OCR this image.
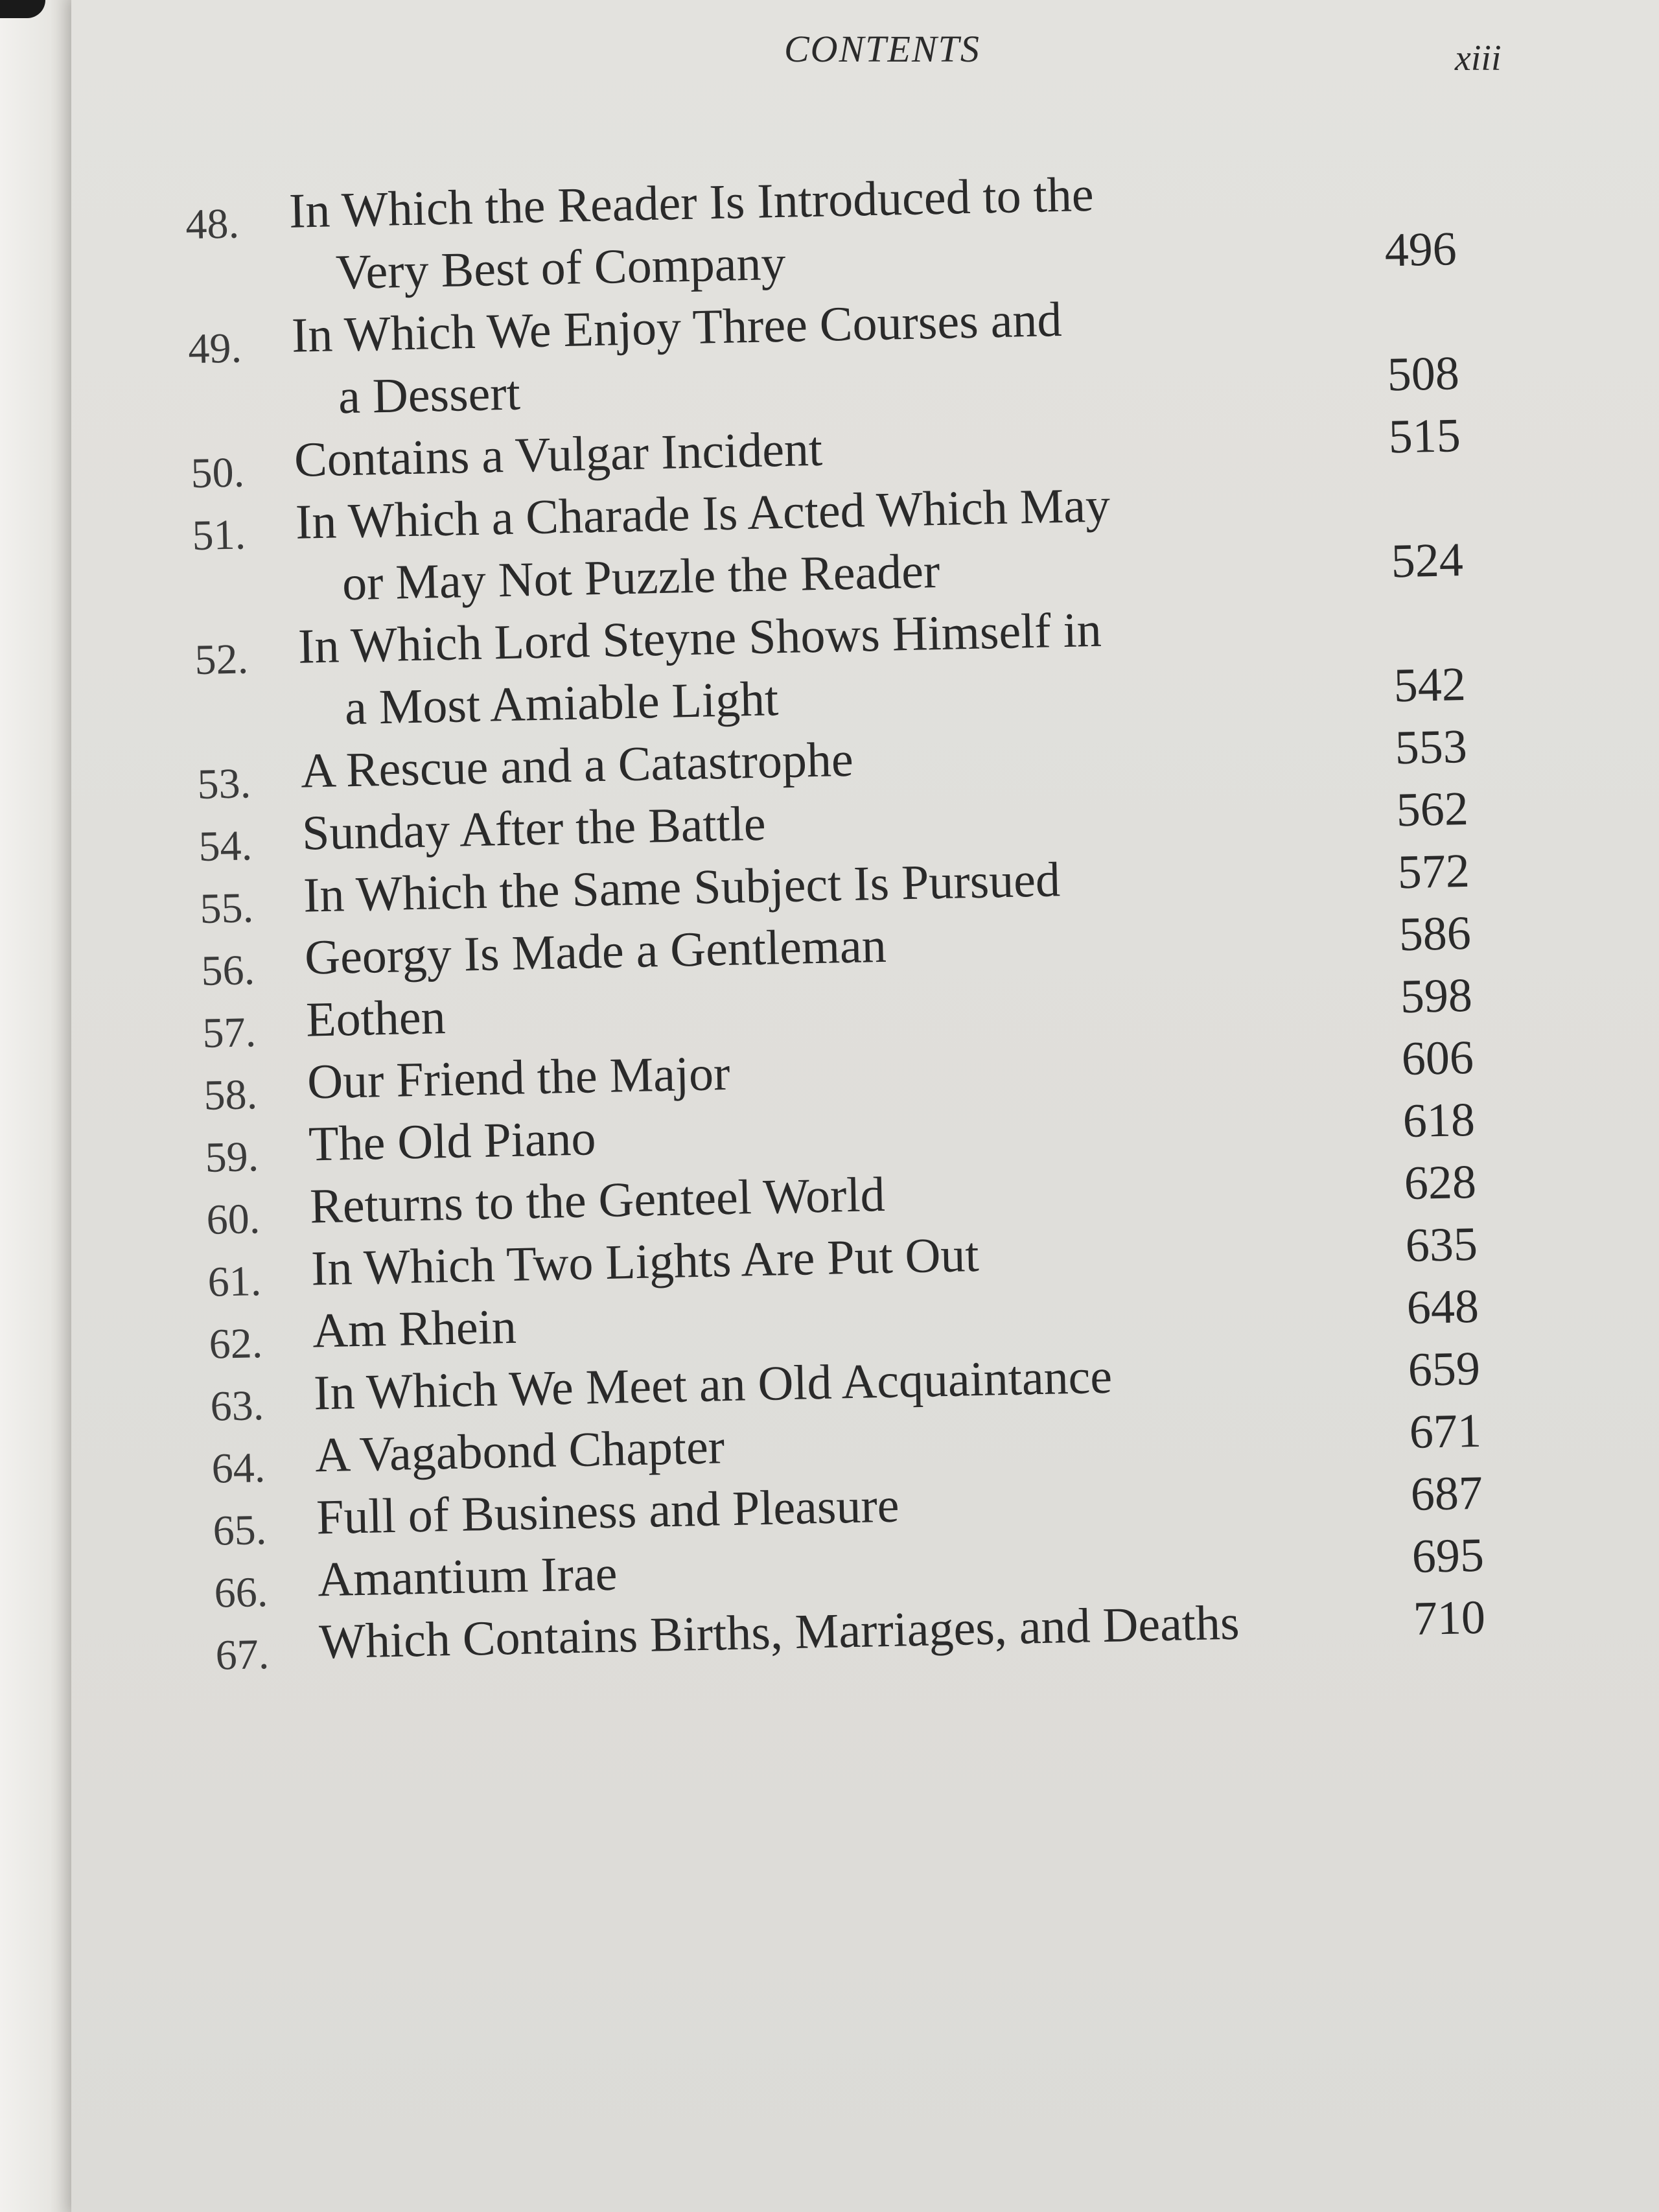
CONTENTS	xiii
48. In Which the Reader Is Introduced to the
Very Best of Company	496
49. In Which We Enjoy Three Courses and
a Dessert	508
50. Contains a Vulgar Incident	515
51. In Which a Charade Is Acted Which May
or May Not Puzzle the Reader	524
52. In Which Lord Steyne Shows Himself in
a Most Amiable Light	542
53. A Rescue and a Catastrophe	553
54. Sunday After the Battle	562
55. In Which the Same Subject Is Pursued	572
56. Georgy Is Made a Gentleman	586
57. Eothen	598
58. Our Friend the Major	606
59. The Old Piano	618
60. Returns to the Genteel World	628
61. In Which Two Lights Are Put Out	635
62. Am Rhein	648
63. In Which We Meet an Old Acquaintance	659
64. A Vagabond Chapter	671
65. Full of Business and Pleasure	687
66. Amantium Irae	695
67. Which Contains Births, Marriages, and Deaths	710
